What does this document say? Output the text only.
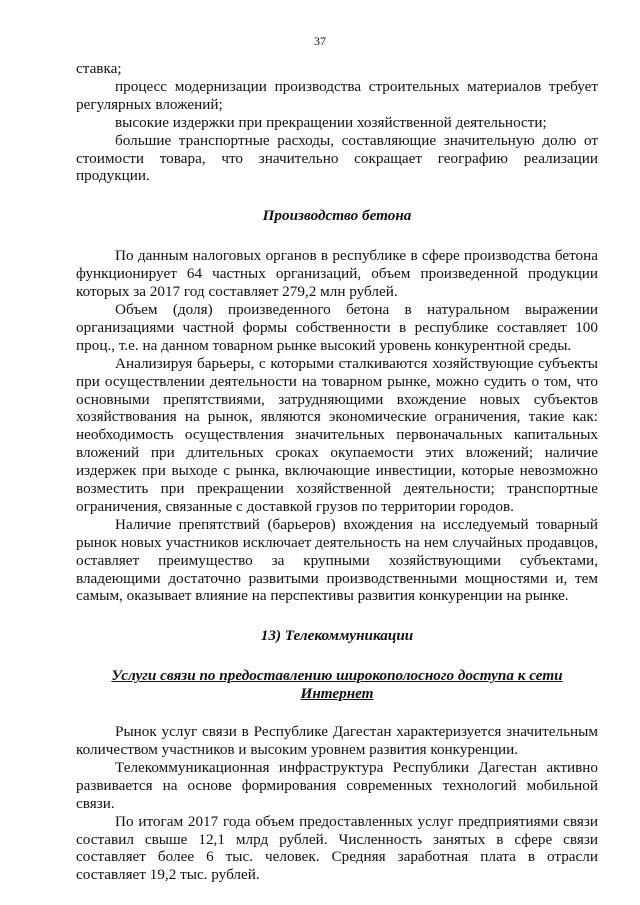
37

ставка;

процесс модернизации производства строительных материалов требует регулярных вложений;

высокие издержки при прекращении хозяйственной деятельности;

большие транспортные расходы, составляющие значительную долю от стоимости товара, что значительно сокращает географию реализации продукции.

Производство бетона

По данным налоговых органов в республике в сфере производства бетона функционирует 64 частных организаций, объем произведенной продукции которых за 2017 год составляет 279,2 млн рублей.

Объем (доля) произведенного бетона в натуральном выражении организациями частной формы собственности в республике составляет 100 проц., т.е. на данном товарном рынке высокий уровень конкурентной среды.

Анализируя барьеры, с которыми сталкиваются хозяйствующие субъекты при осуществлении деятельности на товарном рынке, можно судить о том, что основными препятствиями, затрудняющими вхождение новых субъектов хозяйствования на рынок, являются экономические ограничения, такие как: необходимость осуществления значительных первоначальных капитальных вложений при длительных сроках окупаемости этих вложений; наличие издержек при выходе с рынка, включающие инвестиции, которые невозможно возместить при прекращении хозяйственной деятельности; транспортные ограничения, связанные с доставкой грузов по территории городов.

Наличие препятствий (барьеров) вхождения на исследуемый товарный рынок новых участников исключает деятельность на нем случайных продавцов, оставляет преимущество за крупными хозяйствующими субъектами, владеющими достаточно развитыми производственными мощностями и, тем самым, оказывает влияние на перспективы развития конкуренции на рынке.

13) Телекоммуникации
Услуги связи по предоставлению широкополосного доступа к сети Интернет

Рынок услуг связи в Республике Дагестан характеризуется значительным количеством участников и высоким уровнем развития конкуренции.

Телекоммуникационная инфраструктура Республики Дагестан активно развивается на основе формирования современных технологий мобильной связи.

По итогам 2017 года объем предоставленных услуг предприятиями связи составил свыше 12,1 млрд рублей. Численность занятых в сфере связи составляет более 6 тыс. человек. Средняя заработная плата в отрасли составляет 19,2 тыс. рублей.
